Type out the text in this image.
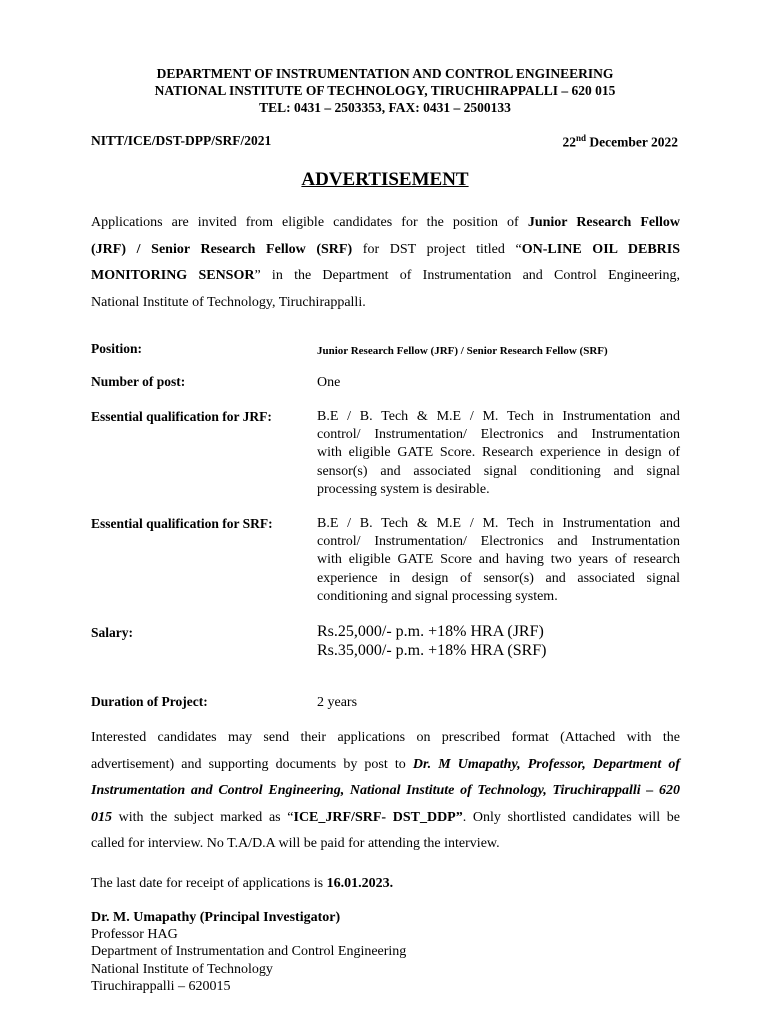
DEPARTMENT OF INSTRUMENTATION AND CONTROL ENGINEERING
NATIONAL INSTITUTE OF TECHNOLOGY, TIRUCHIRAPPALLI – 620 015
TEL: 0431 – 2503353, FAX: 0431 – 2500133
NITT/ICE/DST-DPP/SRF/2021	22nd December 2022
ADVERTISEMENT
Applications are invited from eligible candidates for the position of Junior Research Fellow
(JRF) / Senior Research Fellow (SRF) for DST project titled “ON-LINE OIL DEBRIS
MONITORING SENSOR” in the Department of Instrumentation and Control Engineering,
National Institute of Technology, Tiruchirappalli.
Position:	Junior Research Fellow (JRF) / Senior Research Fellow (SRF)
Number of post:	One
Essential qualification for JRF:	B.E / B. Tech & M.E / M. Tech in Instrumentation and
control/ Instrumentation/ Electronics and Instrumentation
with eligible GATE Score. Research experience in design of
sensor(s) and associated signal conditioning and signal
processing system is desirable.
Essential qualification for SRF:	B.E / B. Tech & M.E / M. Tech in Instrumentation and
control/ Instrumentation/ Electronics and Instrumentation
with eligible GATE Score and having two years of research
experience in design of sensor(s) and associated signal
conditioning and signal processing system.
Salary:	Rs.25,000/- p.m. +18% HRA (JRF)
Rs.35,000/- p.m. +18% HRA (SRF)
Duration of Project:	2 years
Interested candidates may send their applications on prescribed format (Attached with the
advertisement) and supporting documents by post to Dr. M Umapathy, Professor, Department of
Instrumentation and Control Engineering, National Institute of Technology, Tiruchirappalli – 620
015 with the subject marked as “ICE_JRF/SRF- DST_DDP”. Only shortlisted candidates will be
called for interview. No T.A/D.A will be paid for attending the interview.
The last date for receipt of applications is 16.01.2023.
Dr. M. Umapathy (Principal Investigator)
Professor HAG
Department of Instrumentation and Control Engineering
National Institute of Technology
Tiruchirappalli – 620015
